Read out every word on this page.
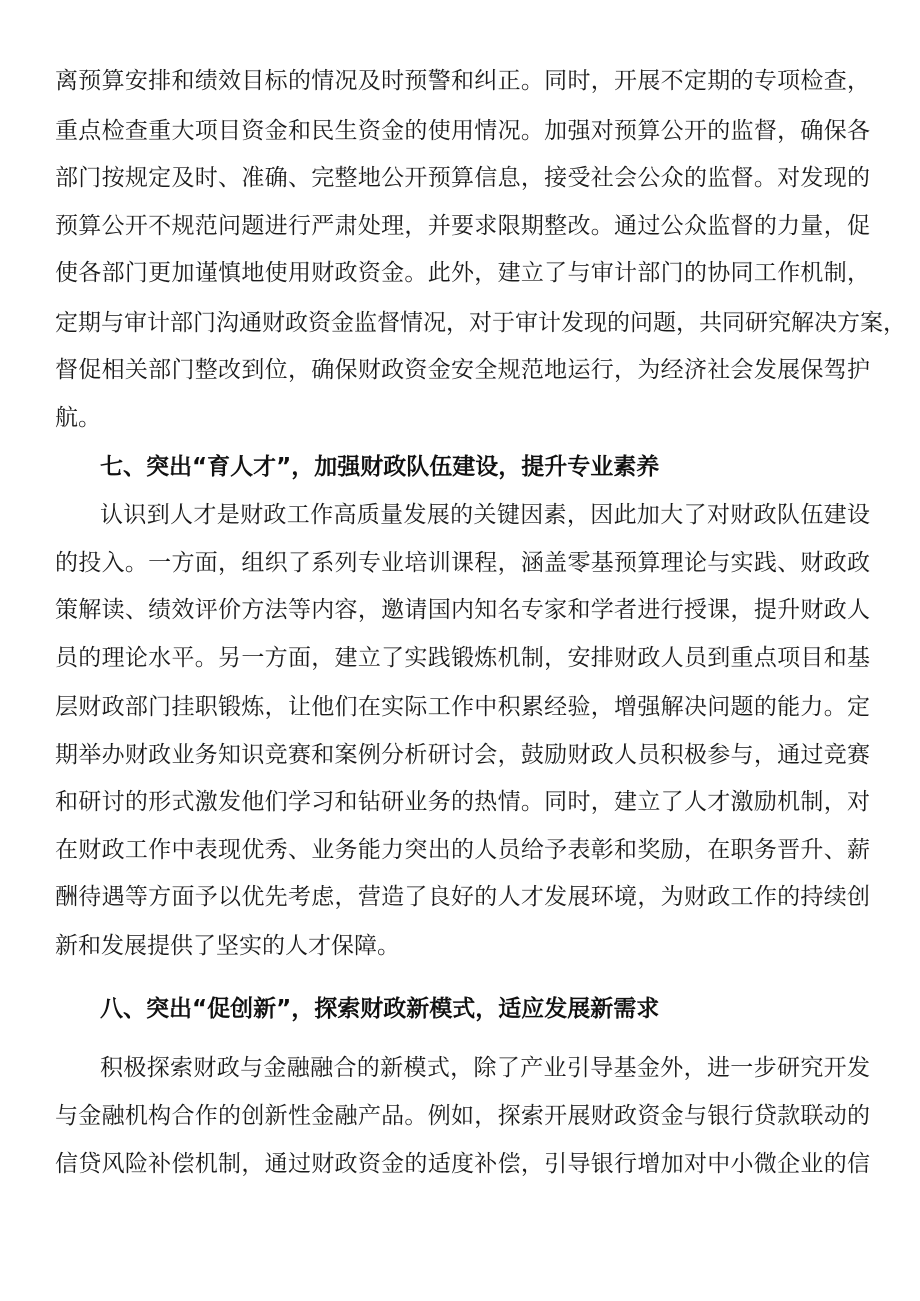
离预算安排和绩效目标的情况及时预警和纠正。同时，开展不定期的专项检查，
重点检查重大项目资金和民生资金的使用情况。加强对预算公开的监督，确保各
部门按规定及时、准确、完整地公开预算信息，接受社会公众的监督。对发现的
预算公开不规范问题进行严肃处理，并要求限期整改。通过公众监督的力量，促
使各部门更加谨慎地使用财政资金。此外，建立了与审计部门的协同工作机制，
定期与审计部门沟通财政资金监督情况，对于审计发现的问题，共同研究解决方案，
督促相关部门整改到位，确保财政资金安全规范地运行，为经济社会发展保驾护
航。
七、突出“育人才”，加强财政队伍建设，提升专业素养
认识到人才是财政工作高质量发展的关键因素，因此加大了对财政队伍建设
的投入。一方面，组织了系列专业培训课程，涵盖零基预算理论与实践、财政政
策解读、绩效评价方法等内容，邀请国内知名专家和学者进行授课，提升财政人
员的理论水平。另一方面，建立了实践锻炼机制，安排财政人员到重点项目和基
层财政部门挂职锻炼，让他们在实际工作中积累经验，增强解决问题的能力。定
期举办财政业务知识竞赛和案例分析研讨会，鼓励财政人员积极参与，通过竞赛
和研讨的形式激发他们学习和钻研业务的热情。同时，建立了人才激励机制，对
在财政工作中表现优秀、业务能力突出的人员给予表彰和奖励，在职务晋升、薪
酬待遇等方面予以优先考虑，营造了良好的人才发展环境，为财政工作的持续创
新和发展提供了坚实的人才保障。
八、突出“促创新”，探索财政新模式，适应发展新需求
积极探索财政与金融融合的新模式，除了产业引导基金外，进一步研究开发
与金融机构合作的创新性金融产品。例如，探索开展财政资金与银行贷款联动的
信贷风险补偿机制，通过财政资金的适度补偿，引导银行增加对中小微企业的信
